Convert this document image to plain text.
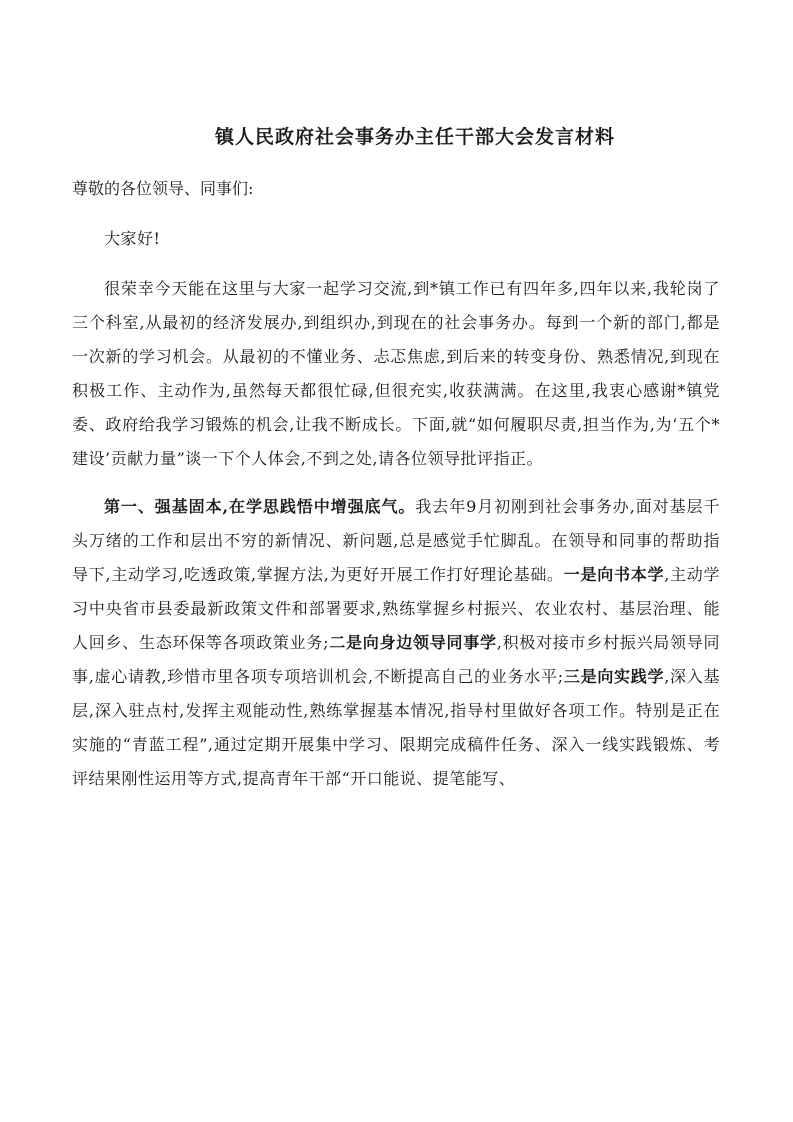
镇人民政府社会事务办主任干部大会发言材料

尊敬的各位领导、同事们:

大家好!

很荣幸今天能在这里与大家一起学习交流,到*镇工作已有四年多,四年以来,我轮岗了三个科室,从最初的经济发展办,到组织办,到现在的社会事务办。每到一个新的部门,都是一次新的学习机会。从最初的不懂业务、忐忑焦虑,到后来的转变身份、熟悉情况,到现在积极工作、主动作为,虽然每天都很忙碌,但很充实,收获满满。在这里,我衷心感谢*镇党委、政府给我学习锻炼的机会,让我不断成长。下面,就“如何履职尽责,担当作为,为‘五个*建设’贡献力量”谈一下个人体会,不到之处,请各位领导批评指正。

第一、强基固本,在学思践悟中增强底气。我去年9月初刚到社会事务办,面对基层千头万绪的工作和层出不穷的新情况、新问题,总是感觉手忙脚乱。在领导和同事的帮助指导下,主动学习,吃透政策,掌握方法,为更好开展工作打好理论基础。一是向书本学,主动学习中央省市县委最新政策文件和部署要求,熟练掌握乡村振兴、农业农村、基层治理、能人回乡、生态环保等各项政策业务;二是向身边领导同事学,积极对接市乡村振兴局领导同事,虚心请教,珍惜市里各项专项培训机会,不断提高自己的业务水平;三是向实践学,深入基层,深入驻点村,发挥主观能动性,熟练掌握基本情况,指导村里做好各项工作。特别是正在实施的“青蓝工程”,通过定期开展集中学习、限期完成稿件任务、深入一线实践锻炼、考评结果刚性运用等方式,提高青年干部“开口能说、提笔能写、
